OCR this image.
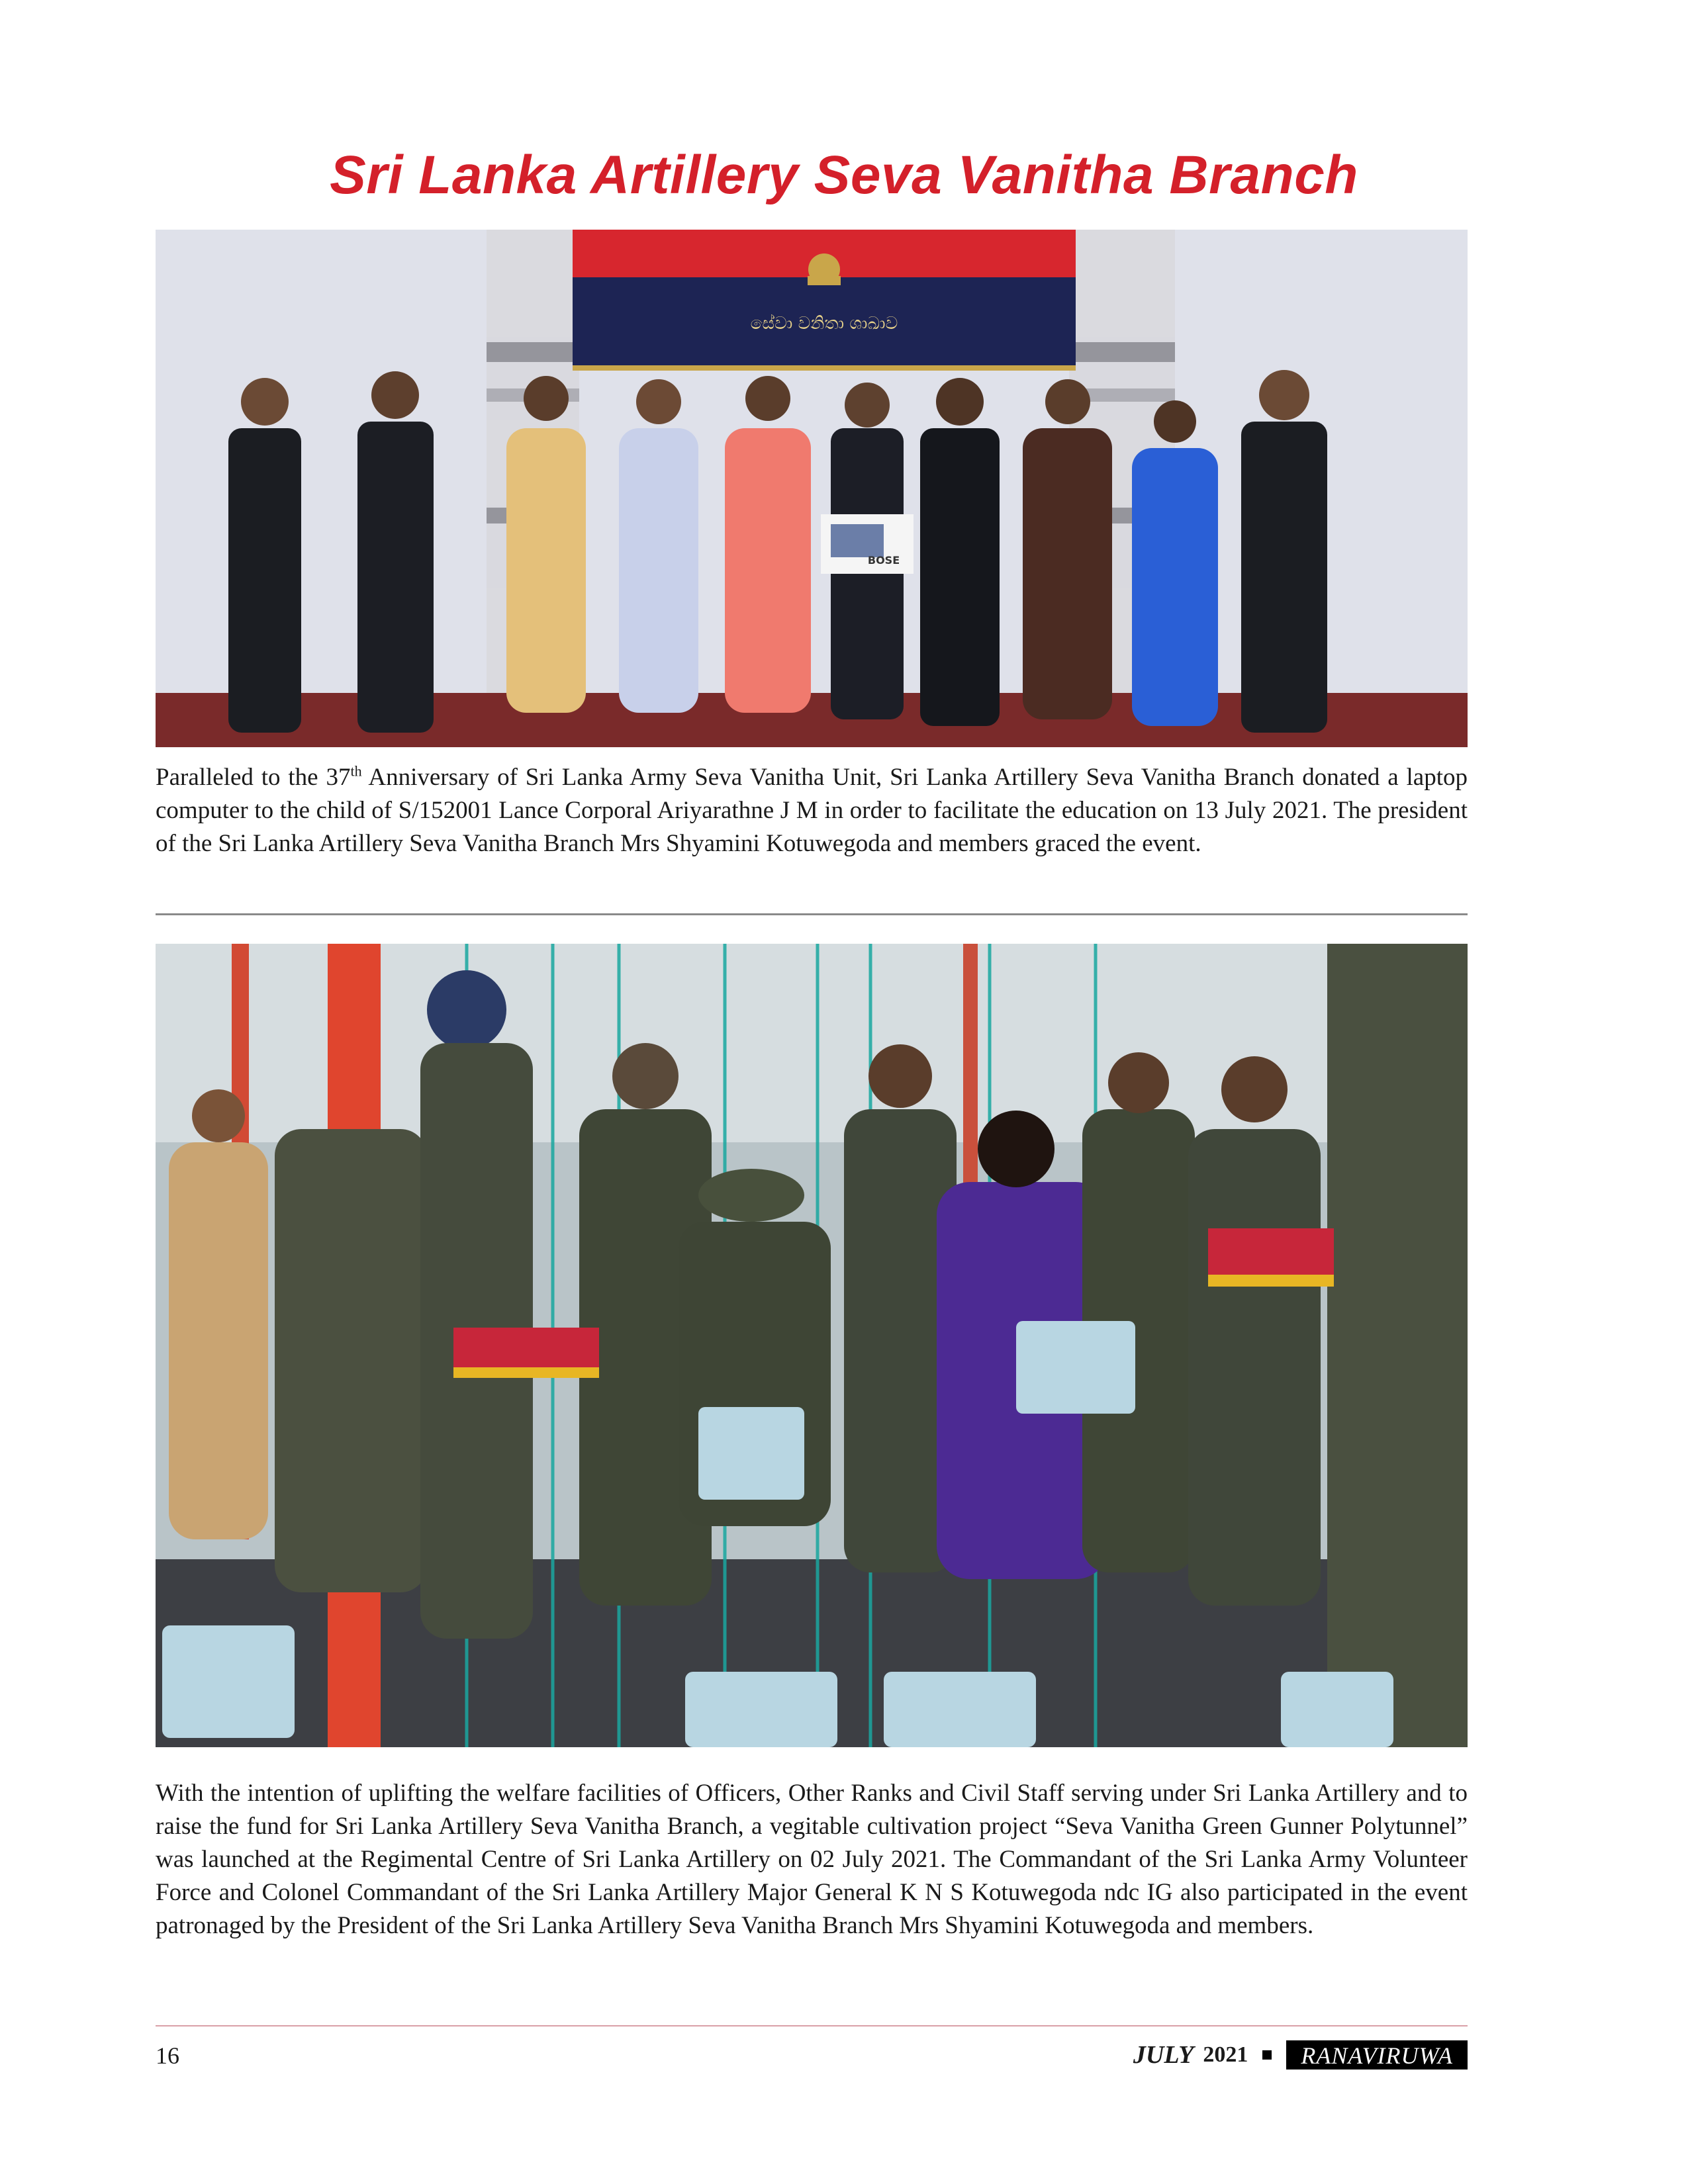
Sri Lanka Artillery Seva Vanitha Branch
සේවා වනිතා ශාඛාව
BOSE

Paralleled to the 37th Anniversary of Sri Lanka Army Seva Vanitha Unit, Sri Lanka Artillery Seva Vanitha Branch donated a laptop computer to the child of S/152001 Lance Corporal Ariyarathne J M in order to facilitate the education on 13 July 2021. The president of the Sri Lanka Artillery Seva Vanitha Branch Mrs Shyamini Kotuwegoda and members graced the event.

With the intention of uplifting the welfare facilities of Officers, Other Ranks and Civil Staff serving under Sri Lanka Artillery and to raise the fund for Sri Lanka Artillery Seva Vanitha Branch, a vegitable cultivation project “Seva Vanitha Green Gunner Polytunnel” was launched at the Regimental Centre of Sri Lanka Artillery on 02 July 2021. The Commandant of the Sri Lanka Army Volunteer Force and Colonel Commandant of the Sri Lanka Artillery Major General K N S Kotuwegoda ndc IG also participated in the event patronaged by the President of the Sri Lanka Artillery Seva Vanitha Branch Mrs Shyamini Kotuwegoda and members.

16	JULY 2021	RANAVIRUWA
